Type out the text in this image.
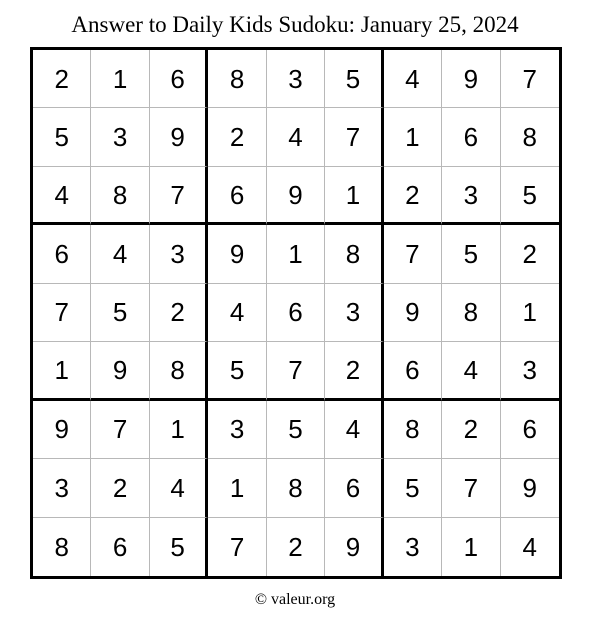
Answer to Daily Kids Sudoku: January 25, 2024
2	1	6	8	3	5	4	9	7
5	3	9	2	4	7	1	6	8
4	8	7	6	9	1	2	3	5
6	4	3	9	1	8	7	5	2
7	5	2	4	6	3	9	8	1
1	9	8	5	7	2	6	4	3
9	7	1	3	5	4	8	2	6
3	2	4	1	8	6	5	7	9
8	6	5	7	2	9	3	1	4
© valeur.org
